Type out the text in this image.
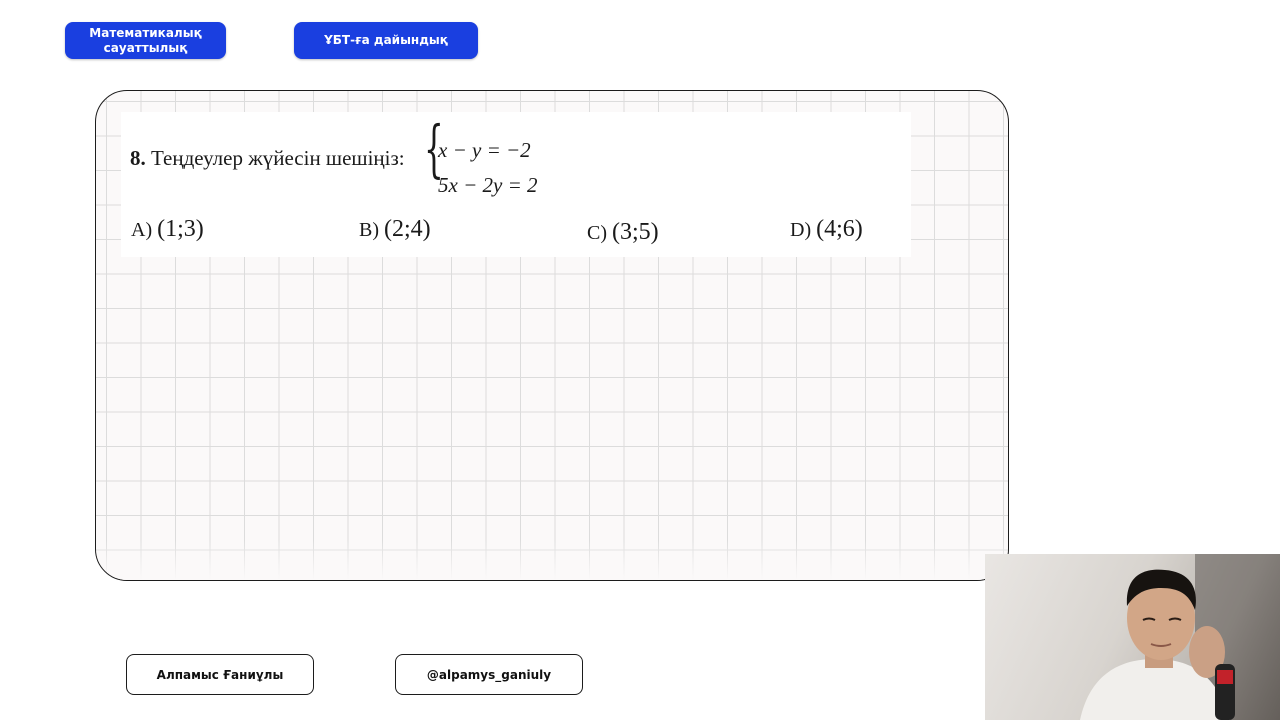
Математикалық сауаттылық
ҰБТ-ға дайындық
8. Теңдеулер жүйесін шешіңіз: {
x − y = −2
5x − 2y = 2
A) (1;3)	B) (2;4)	C) (3;5)	D) (4;6)
Алпамыс Ғаниұлы	@alpamys_ganiuly
